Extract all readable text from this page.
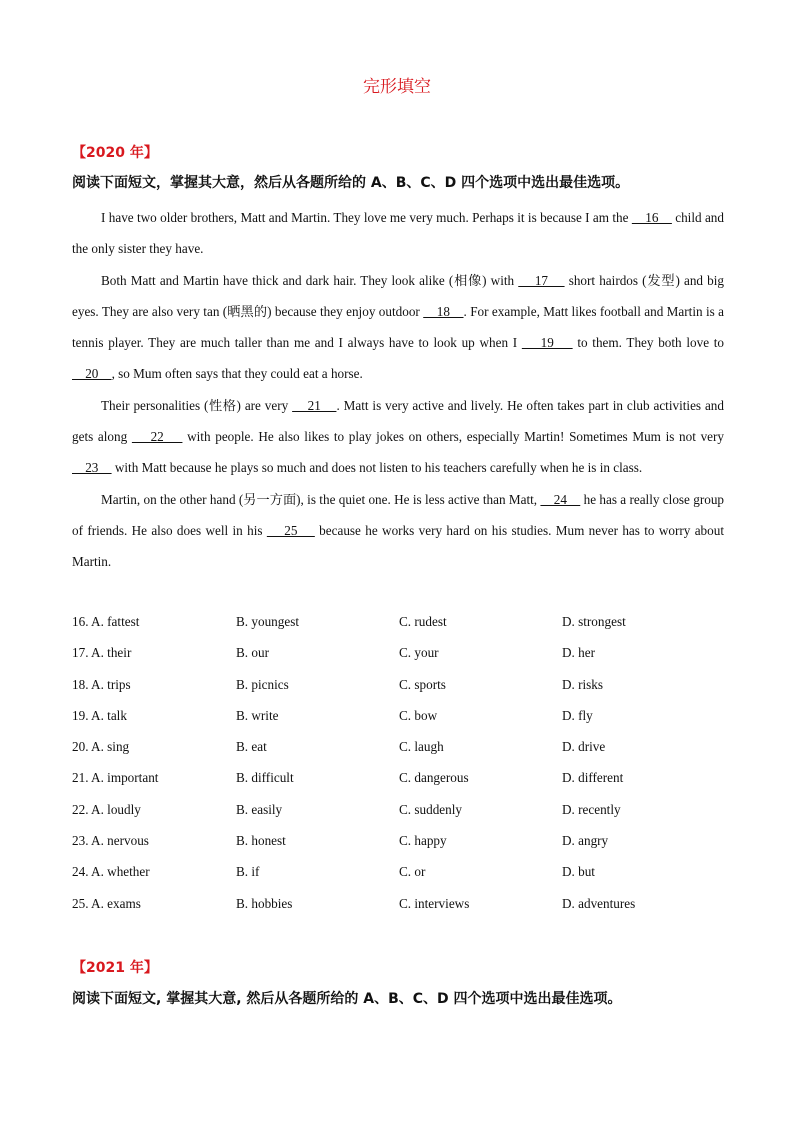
完形填空
【2020 年】
阅读下面短文，掌握其大意，然后从各题所给的 A、B、C、D 四个选项中选出最佳选项。

I have two older brothers, Matt and Martin. They love me very much. Perhaps it is because I am the     16     child and the only sister they have.

Both Matt and Martin have thick and dark hair. They look alike (相像) with     17     short hairdos (发型) and big eyes. They are also very tan (晒黑的) because they enjoy outdoor     18    . For example, Matt likes football and Martin is a tennis player. They are much taller than me and I always have to look up when I     19     to them. They both love to     20    , so Mum often says that they could eat a horse.

Their personalities (性格) are very     21    . Matt is very active and lively. He often takes part in club activities and gets along     22     with people. He also likes to play jokes on others, especially Martin! Sometimes Mum is not very     23     with Matt because he plays so much and does not listen to his teachers carefully when he is in class.

Martin, on the other hand (另一方面), is the quiet one. He is less active than Matt,     24     he has a really close group of friends. He also does well in his     25     because he works very hard on his studies. Mum never has to worry about Martin.

16. A. fattest	B. youngest	C. rudest	D. strongest
17. A. their	B. our	C. your	D. her
18. A. trips	B. picnics	C. sports	D. risks
19. A. talk	B. write	C. bow	D. fly
20. A. sing	B. eat	C. laugh	D. drive
21. A. important	B. difficult	C. dangerous	D. different
22. A. loudly	B. easily	C. suddenly	D. recently
23. A. nervous	B. honest	C. happy	D. angry
24. A. whether	B. if	C. or	D. but
25. A. exams	B. hobbies	C. interviews	D. adventures
【2021 年】
阅读下面短文, 掌握其大意, 然后从各题所给的 A、B、C、D 四个选项中选出最佳选项。
